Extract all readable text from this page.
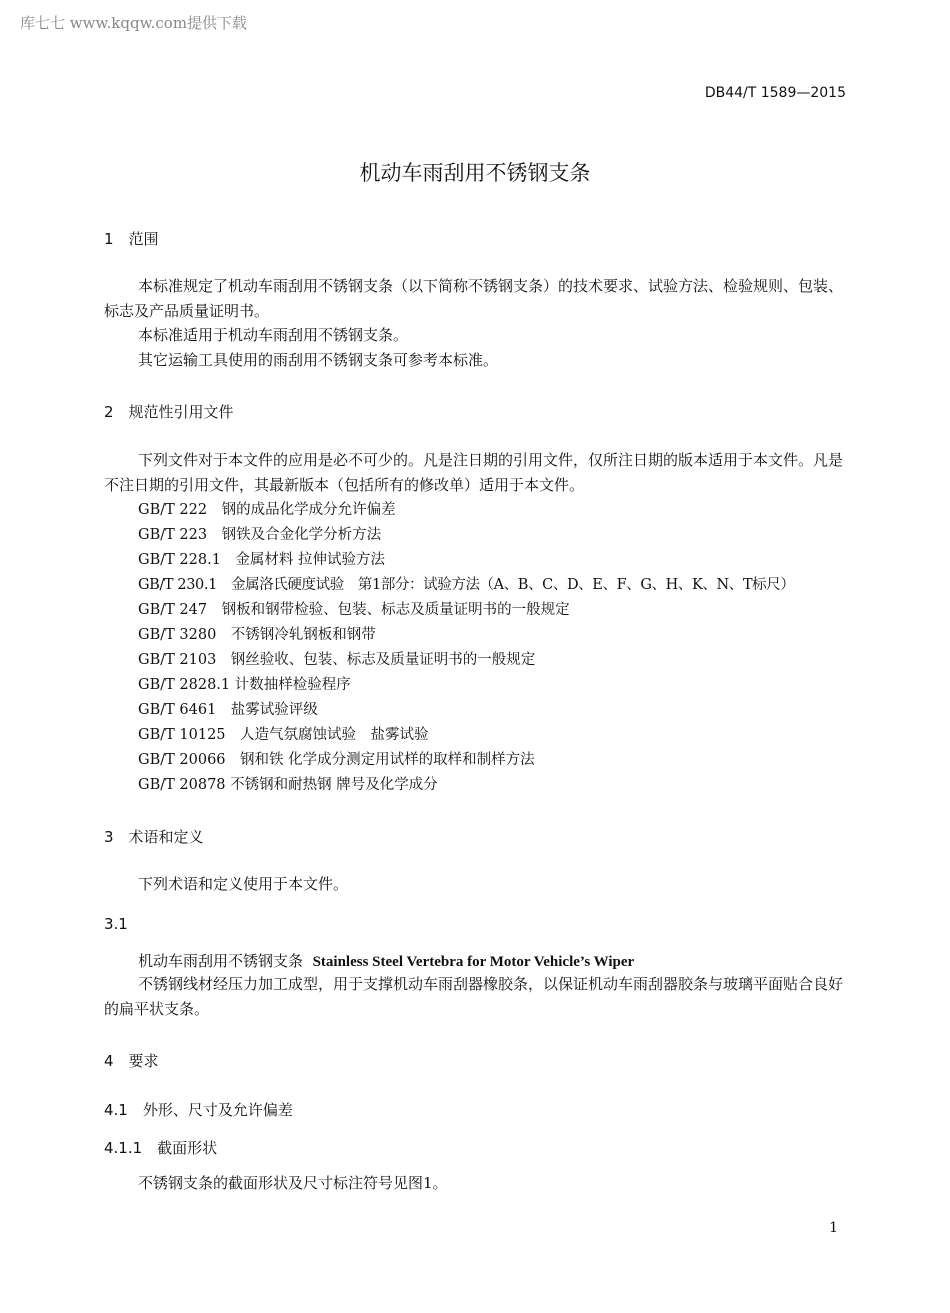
库七七 www.kqqw.com提供下载
DB44/T 1589—2015
机动车雨刮用不锈钢支条
1　范围
本标准规定了机动车雨刮用不锈钢支条（以下简称不锈钢支条）的技术要求、试验方法、检验规则、包装、标志及产品质量证明书。
本标准适用于机动车雨刮用不锈钢支条。
其它运输工具使用的雨刮用不锈钢支条可参考本标准。
2　规范性引用文件
下列文件对于本文件的应用是必不可少的。凡是注日期的引用文件，仅所注日期的版本适用于本文件。凡是不注日期的引用文件，其最新版本（包括所有的修改单）适用于本文件。
GB/T 222　钢的成品化学成分允许偏差
GB/T 223　钢铁及合金化学分析方法
GB/T 228.1　金属材料 拉伸试验方法
GB/T 230.1　金属洛氏硬度试验　第1部分：试验方法（A、B、C、D、E、F、G、H、K、N、T标尺）
GB/T 247　钢板和钢带检验、包装、标志及质量证明书的一般规定
GB/T 3280　不锈钢冷轧钢板和钢带
GB/T 2103　钢丝验收、包装、标志及质量证明书的一般规定
GB/T 2828.1 计数抽样检验程序
GB/T 6461　盐雾试验评级
GB/T 10125　人造气氛腐蚀试验　盐雾试验
GB/T 20066　钢和铁 化学成分测定用试样的取样和制样方法
GB/T 20878 不锈钢和耐热钢 牌号及化学成分
3　术语和定义
下列术语和定义使用于本文件。
3.1
机动车雨刮用不锈钢支条 Stainless Steel Vertebra for Motor Vehicle’s Wiper
不锈钢线材经压力加工成型，用于支撑机动车雨刮器橡胶条，以保证机动车雨刮器胶条与玻璃平面贴合良好的扁平状支条。
4　要求
4.1　外形、尺寸及允许偏差
4.1.1　截面形状
不锈钢支条的截面形状及尺寸标注符号见图1。
1
